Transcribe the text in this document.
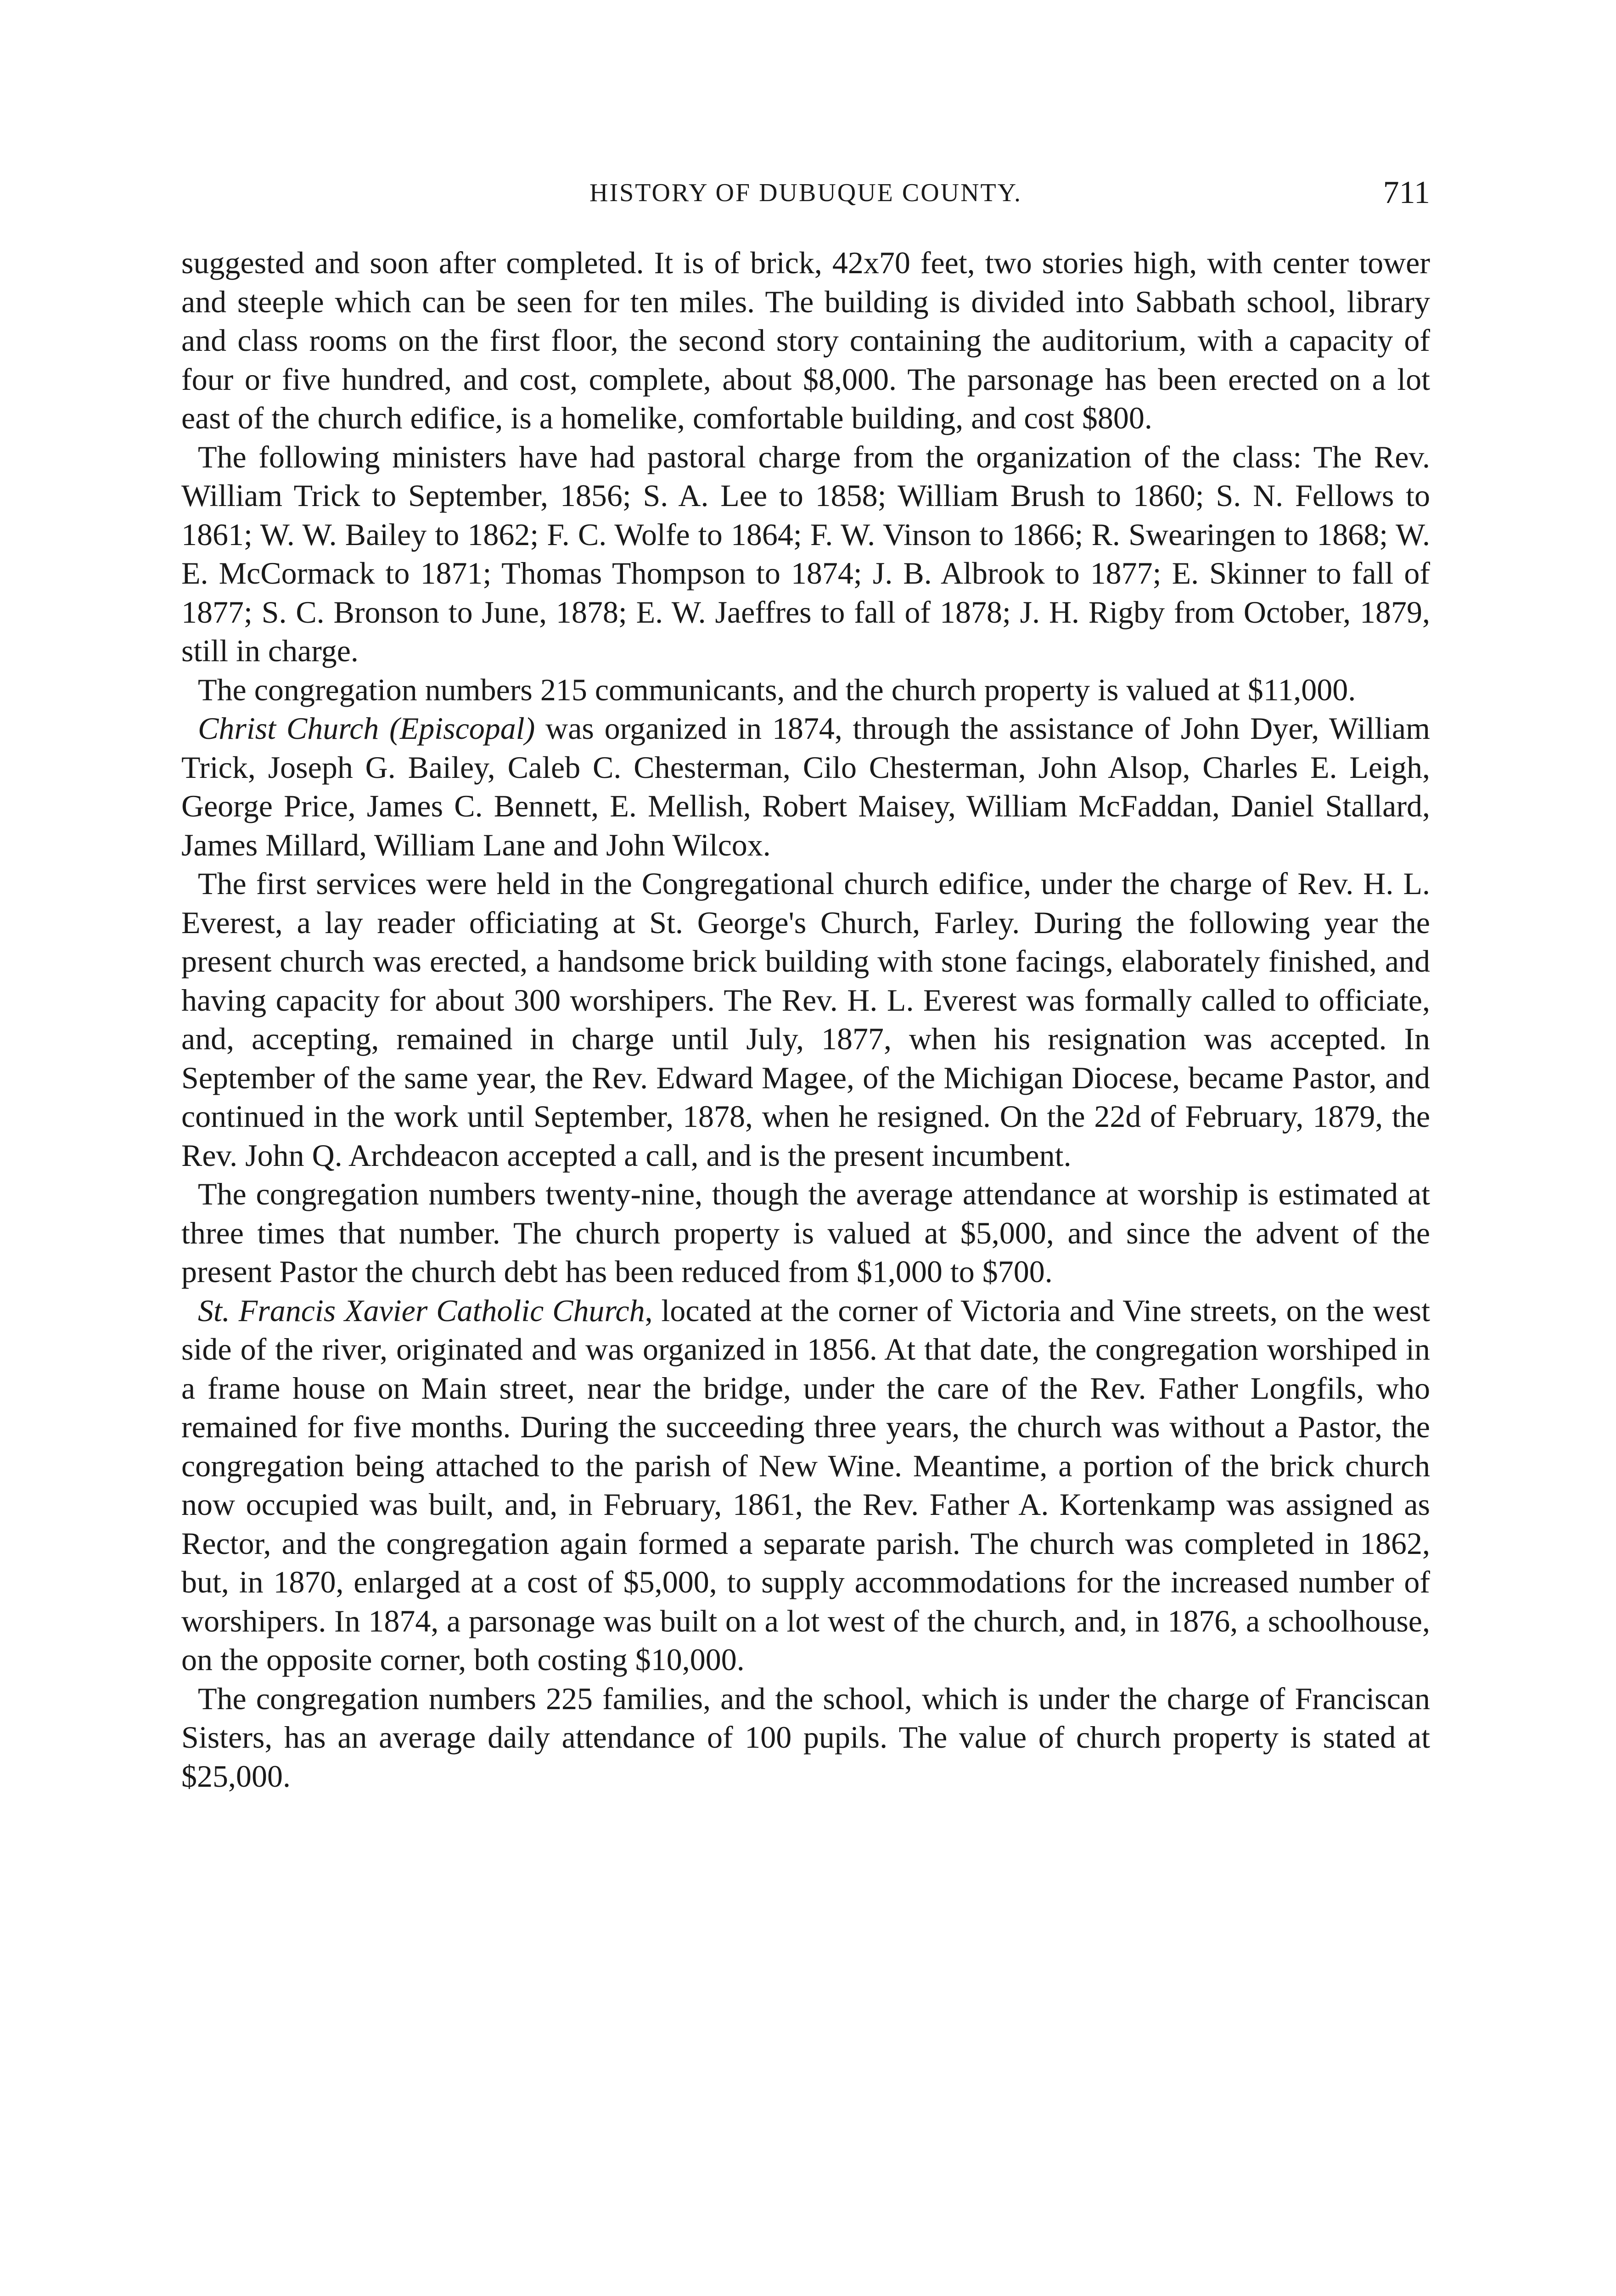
HISTORY OF DUBUQUE COUNTY.	711

suggested and soon after completed. It is of brick, 42x70 feet, two stories high, with center tower and steeple which can be seen for ten miles. The building is divided into Sabbath school, library and class rooms on the first floor, the second story containing the auditorium, with a capacity of four or five hundred, and cost, complete, about $8,000. The parsonage has been erected on a lot east of the church edifice, is a homelike, comfortable building, and cost $800.

The following ministers have had pastoral charge from the organization of the class: The Rev. William Trick to September, 1856; S. A. Lee to 1858; William Brush to 1860; S. N. Fellows to 1861; W. W. Bailey to 1862; F. C. Wolfe to 1864; F. W. Vinson to 1866; R. Swearingen to 1868; W. E. McCormack to 1871; Thomas Thompson to 1874; J. B. Albrook to 1877; E. Skinner to fall of 1877; S. C. Bronson to June, 1878; E. W. Jaeffres to fall of 1878; J. H. Rigby from October, 1879, still in charge.

The congregation numbers 215 communicants, and the church property is valued at $11,000.

Christ Church (Episcopal) was organized in 1874, through the assistance of John Dyer, William Trick, Joseph G. Bailey, Caleb C. Chesterman, Cilo Chesterman, John Alsop, Charles E. Leigh, George Price, James C. Bennett, E. Mellish, Robert Maisey, William McFaddan, Daniel Stallard, James Millard, William Lane and John Wilcox.

The first services were held in the Congregational church edifice, under the charge of Rev. H. L. Everest, a lay reader officiating at St. George's Church, Farley. During the following year the present church was erected, a handsome brick building with stone facings, elaborately finished, and having capacity for about 300 worshipers. The Rev. H. L. Everest was formally called to officiate, and, accepting, remained in charge until July, 1877, when his resignation was accepted. In September of the same year, the Rev. Edward Magee, of the Michigan Diocese, became Pastor, and continued in the work until September, 1878, when he resigned. On the 22d of February, 1879, the Rev. John Q. Archdeacon accepted a call, and is the present incumbent.

The congregation numbers twenty-nine, though the average attendance at worship is estimated at three times that number. The church property is valued at $5,000, and since the advent of the present Pastor the church debt has been reduced from $1,000 to $700.

St. Francis Xavier Catholic Church, located at the corner of Victoria and Vine streets, on the west side of the river, originated and was organized in 1856. At that date, the congregation worshiped in a frame house on Main street, near the bridge, under the care of the Rev. Father Longfils, who remained for five months. During the succeeding three years, the church was without a Pastor, the congregation being attached to the parish of New Wine. Meantime, a portion of the brick church now occupied was built, and, in February, 1861, the Rev. Father A. Kortenkamp was assigned as Rector, and the congregation again formed a separate parish. The church was completed in 1862, but, in 1870, enlarged at a cost of $5,000, to supply accommodations for the increased number of worshipers. In 1874, a parsonage was built on a lot west of the church, and, in 1876, a schoolhouse, on the opposite corner, both costing $10,000.

The congregation numbers 225 families, and the school, which is under the charge of Franciscan Sisters, has an average daily attendance of 100 pupils. The value of church property is stated at $25,000.
